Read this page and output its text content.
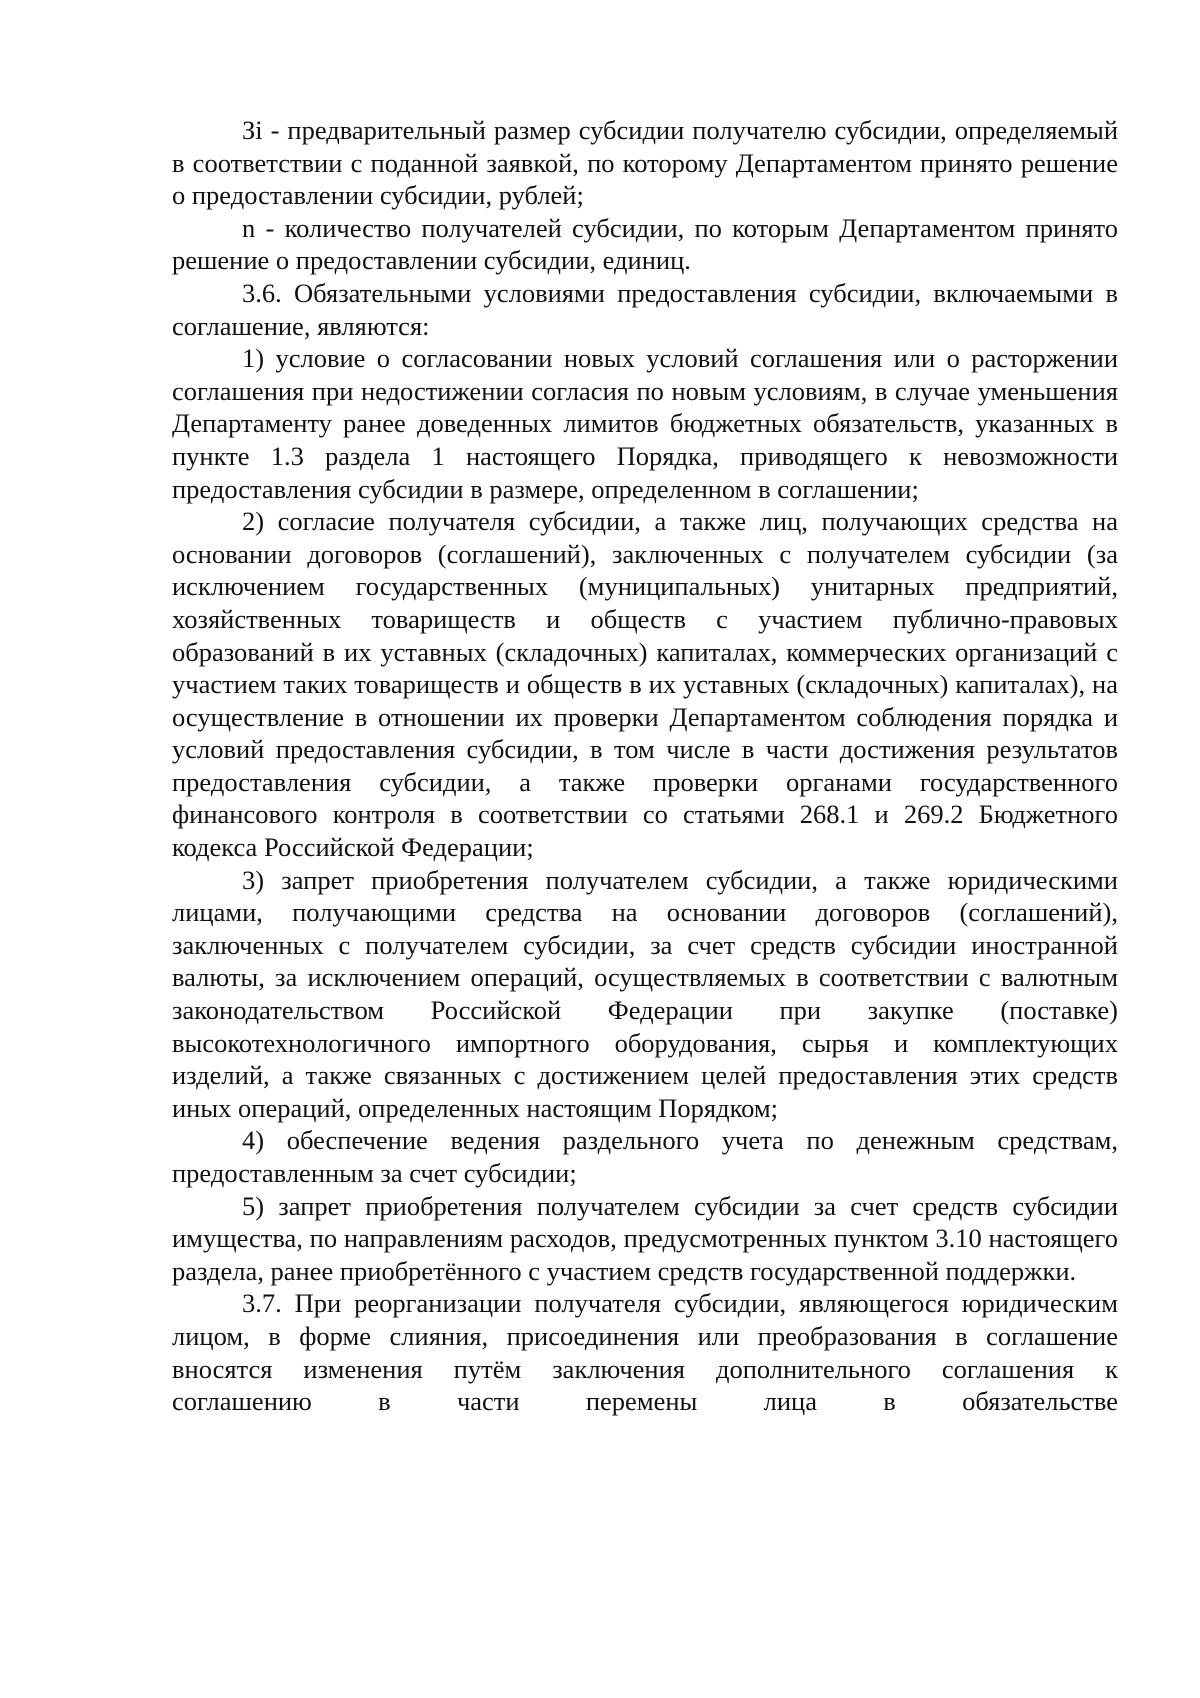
Зi - предварительный размер субсидии получателю субсидии, определяемый в соответствии с поданной заявкой, по которому Департаментом принято решение о предоставлении субсидии, рублей;

n - количество получателей субсидии, по которым Департаментом принято решение о предоставлении субсидии, единиц.

3.6. Обязательными условиями предоставления субсидии, включаемыми в соглашение, являются:

1) условие о согласовании новых условий соглашения или о расторжении соглашения при недостижении согласия по новым условиям, в случае уменьшения Департаменту ранее доведенных лимитов бюджетных обязательств, указанных в пункте 1.3 раздела 1 настоящего Порядка, приводящего к невозможности предоставления субсидии в размере, определенном в соглашении;

2) согласие получателя субсидии, а также лиц, получающих средства на основании договоров (соглашений), заключенных с получателем субсидии (за исключением государственных (муниципальных) унитарных предприятий, хозяйственных товариществ и обществ с участием публично-правовых образований в их уставных (складочных) капиталах, коммерческих организаций с участием таких товариществ и обществ в их уставных (складочных) капиталах), на осуществление в отношении их проверки Департаментом соблюдения порядка и условий предоставления субсидии, в том числе в части достижения результатов предоставления субсидии, а также проверки органами государственного финансового контроля в соответствии со статьями 268.1 и 269.2 Бюджетного кодекса Российской Федерации;

3) запрет приобретения получателем субсидии, а также юридическими лицами, получающими средства на основании договоров (соглашений), заключенных с получателем субсидии, за счет средств субсидии иностранной валюты, за исключением операций, осуществляемых в соответствии с валютным законодательством Российской Федерации при закупке (поставке) высокотехнологичного импортного оборудования, сырья и комплектующих изделий, а также связанных с достижением целей предоставления этих средств иных операций, определенных настоящим Порядком;

4) обеспечение ведения раздельного учета по денежным средствам, предоставленным за счет субсидии;

5) запрет приобретения получателем субсидии за счет средств субсидии имущества, по направлениям расходов, предусмотренных пунктом 3.10 настоящего раздела, ранее приобретённого с участием средств государственной поддержки.

3.7. При реорганизации получателя субсидии, являющегося юридическим лицом, в форме слияния, присоединения или преобразования в соглашение вносятся изменения путём заключения дополнительного соглашения к соглашению в части перемены лица в обязательстве
